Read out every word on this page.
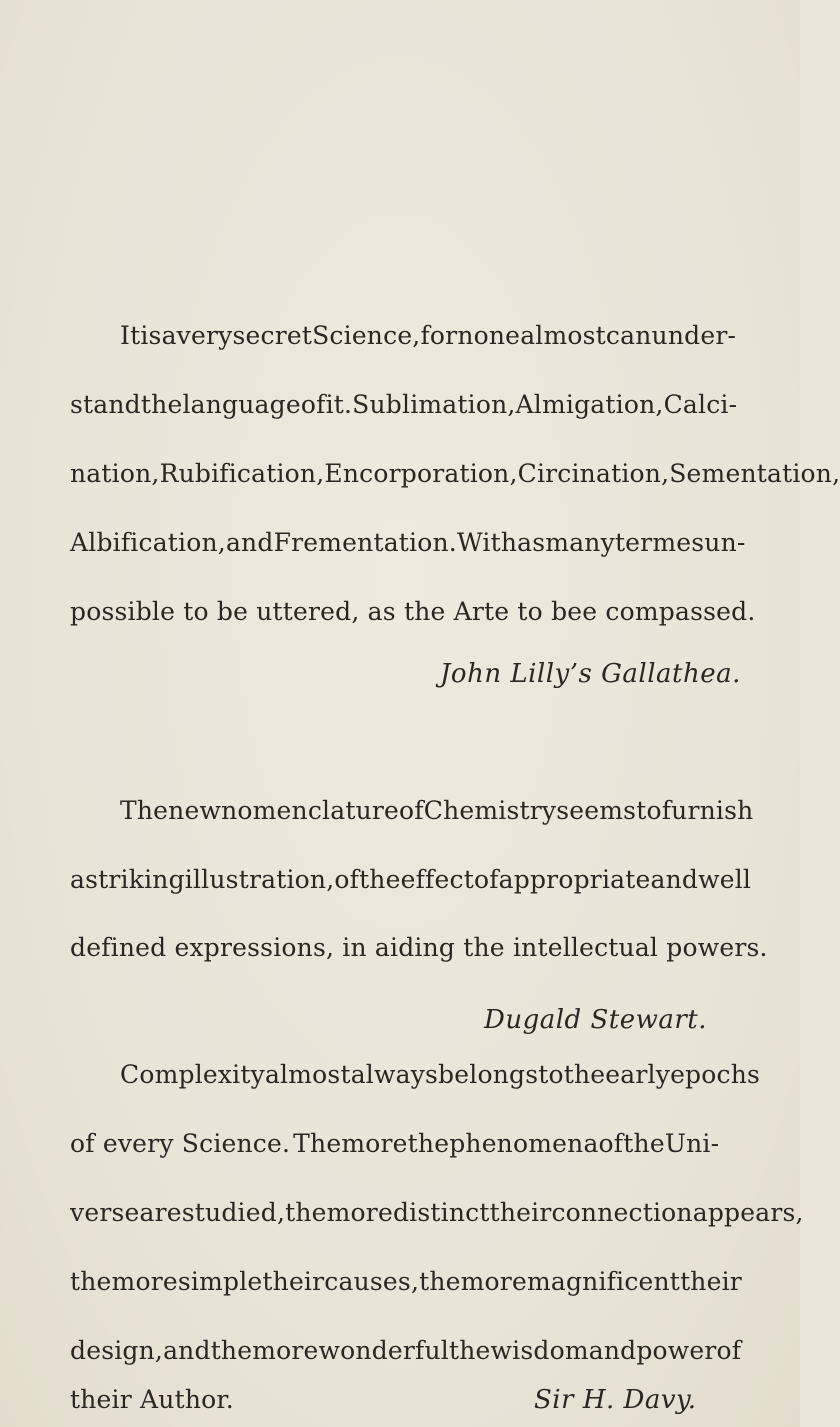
It is a very secret Science, for none almost can under-
stand the language of it. Sublimation, Almigation, Calci-
nation, Rubification, Encorporation, Circination, Sementation,
Albification, and Frementation. With as many termes un-
possible to be uttered, as the Arte to bee compassed.
John Lilly’s Gallathea.
The new nomenclature of Chemistry seems to furnish
a striking illustration, of the effect of appropriate and well
defined expressions, in aiding the intellectual powers.
Dugald Stewart.
Complexity almost always belongs to the early epochs
of every Science. The more the phenomena of the Uni-
verse are studied, the more distinct their connection appears,
the more simple their causes, the more magnificent their
design, and the more wonderful the wisdom and power of
their Author.	Sir H. Davy.
